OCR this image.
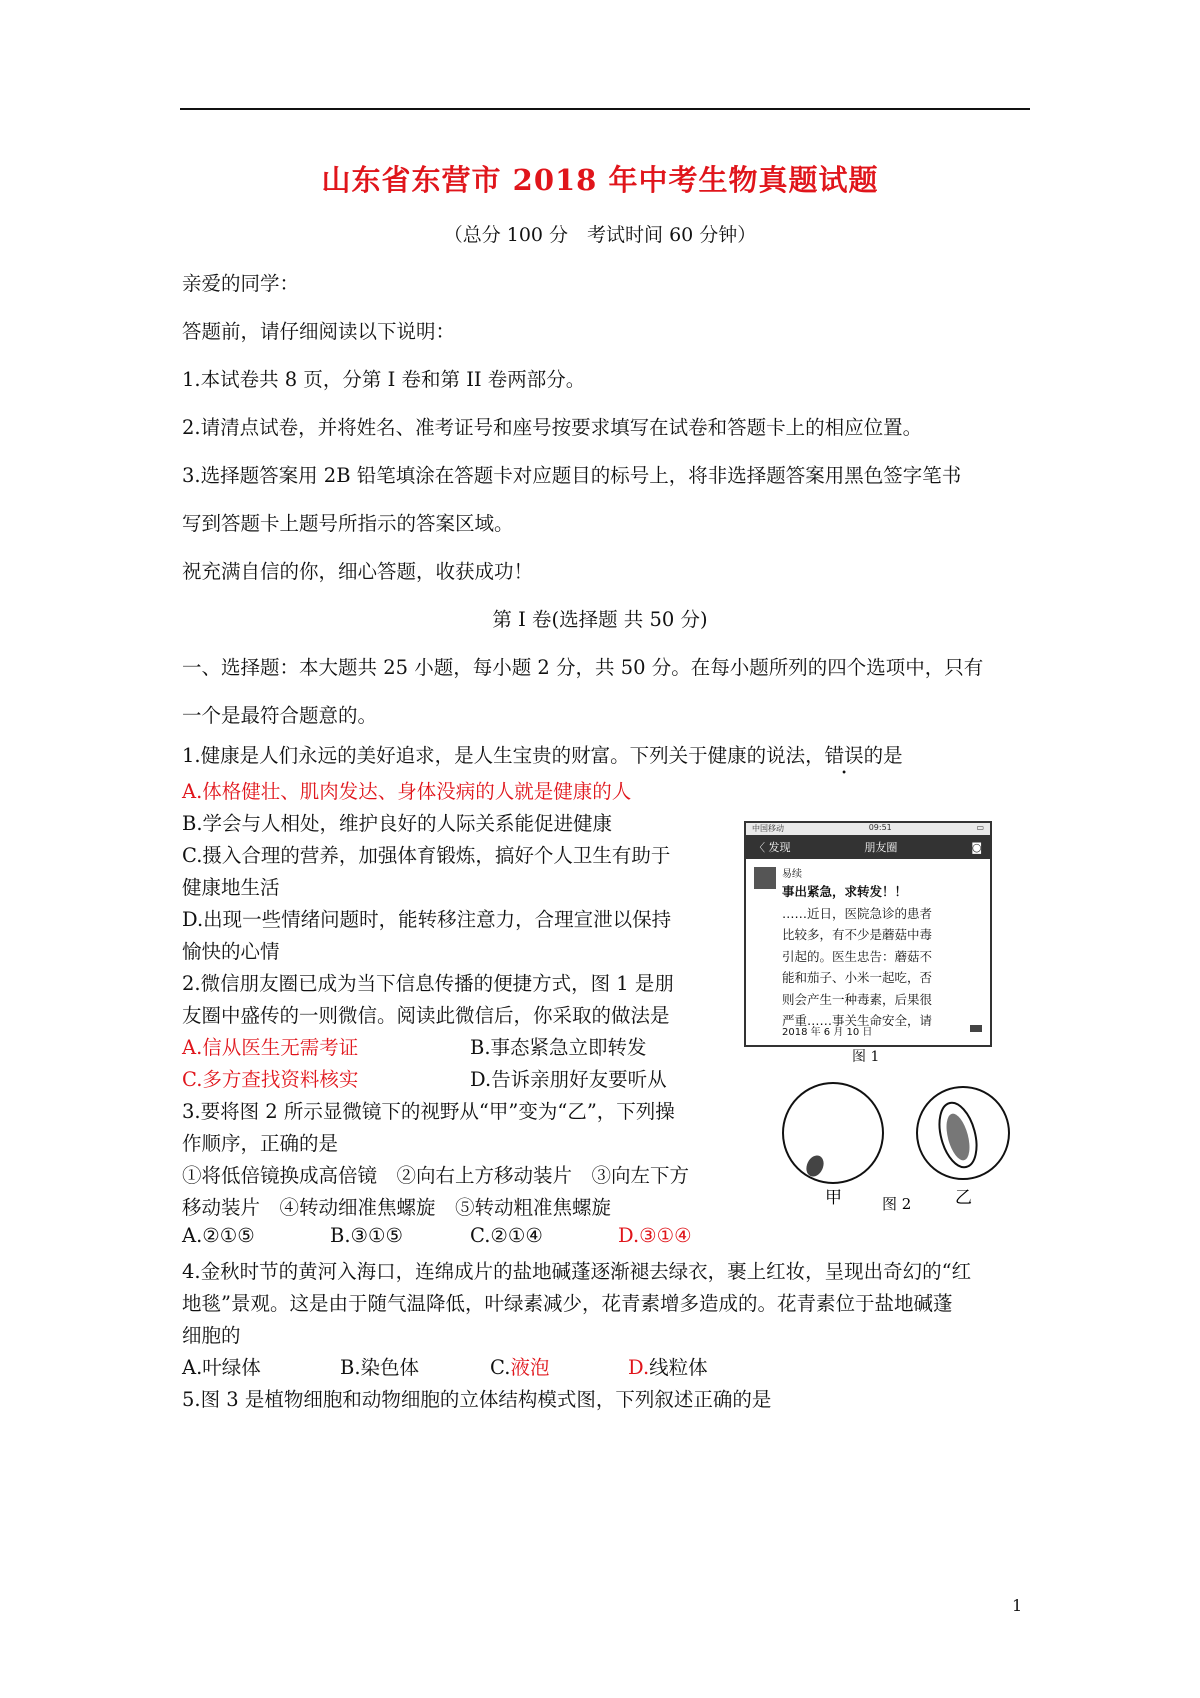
山东省东营市 2018 年中考生物真题试题
（总分 100 分　考试时间 60 分钟）
亲爱的同学：
答题前，请仔细阅读以下说明：
1.本试卷共 8 页，分第 I 卷和第 II 卷两部分。
2.请清点试卷，并将姓名、准考证号和座号按要求填写在试卷和答题卡上的相应位置。
3.选择题答案用 2B 铅笔填涂在答题卡对应题目的标号上，将非选择题答案用黑色签字笔书
写到答题卡上题号所指示的答案区域。
祝充满自信的你，细心答题，收获成功！
第 I 卷(选择题 共 50 分)
一、选择题：本大题共 25 小题，每小题 2 分，共 50 分。在每小题所列的四个选项中，只有
一个是最符合题意的。
1.健康是人们永远的美好追求，是人生宝贵的财富。下列关于健康的说法，错误的是
A.体格健壮、肌肉发达、身体没病的人就是健康的人
B.学会与人相处，维护良好的人际关系能促进健康
C.摄入合理的营养，加强体育锻炼，搞好个人卫生有助于
健康地生活
D.出现一些情绪问题时，能转移注意力，合理宣泄以保持
愉快的心情
2.微信朋友圈已成为当下信息传播的便捷方式，图 1 是朋
友圈中盛传的一则微信。阅读此微信后，你采取的做法是
A.信从医生无需考证	B.事态紧急立即转发
C.多方查找资料核实	D.告诉亲朋好友要听从
中国移动	09:51	▭
〈 发现	朋友圈	◙
易续
事出紧急，求转发！！
……近日，医院急诊的患者
比较多，有不少是蘑菇中毒
引起的。医生忠告：蘑菇不
能和茄子、小米一起吃，否
则会产生一种毒素，后果很
严重……事关生命安全，请
2018 年 6 月 10 日
图 1
3.要将图 2 所示显微镜下的视野从“甲”变为“乙”，下列操
作顺序，正确的是
①将低倍镜换成高倍镜　②向右上方移动装片　③向左下方
移动装片　④转动细准焦螺旋　⑤转动粗准焦螺旋
A.②①⑤	B.③①⑤	C.②①④	D.③①④
甲	图 2	乙
4.金秋时节的黄河入海口，连绵成片的盐地碱蓬逐渐褪去绿衣，裹上红妆，呈现出奇幻的“红
地毯”景观。这是由于随气温降低，叶绿素减少，花青素增多造成的。花青素位于盐地碱蓬
细胞的
A.叶绿体	B.染色体	C.液泡	D.线粒体
5.图 3 是植物细胞和动物细胞的立体结构模式图，下列叙述正确的是
1
